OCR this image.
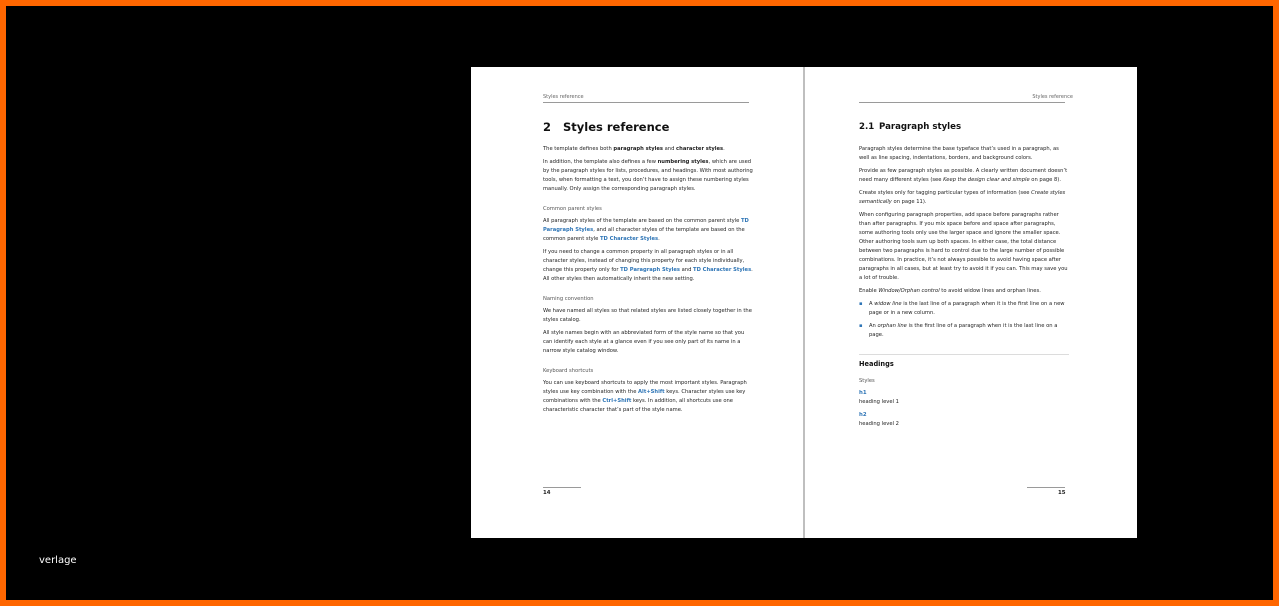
verlage
Styles reference
2 Styles reference
The template defines both paragraph styles and character styles.
In addition, the template also defines a few numbering styles, which are used by the paragraph styles for lists, procedures, and headings. With most authoring tools, when formatting a text, you don’t have to assign these numbering styles manually. Only assign the corresponding paragraph styles.
Common parent styles
All paragraph styles of the template are based on the common parent style TD Paragraph Styles, and all character styles of the template are based on the common parent style TD Character Styles.
If you need to change a common property in all paragraph styles or in all character styles, instead of changing this property for each style individually, change this property only for TD Paragraph Styles and TD Character Styles. All other styles then automatically inherit the new setting.
Naming convention
We have named all styles so that related styles are listed closely together in the styles catalog.
All style names begin with an abbreviated form of the style name so that you can identify each style at a glance even if you see only part of its name in a narrow style catalog window.
Keyboard shortcuts
You can use keyboard shortcuts to apply the most important styles. Paragraph styles use key combination with the Alt+Shift keys. Character styles use key combinations with the Ctrl+Shift keys. In addition, all shortcuts use one characteristic character that’s part of the style name.
14
Styles reference
2.1 Paragraph styles
Paragraph styles determine the base typeface that’s used in a paragraph, as well as line spacing, indentations, borders, and background colors.
Provide as few paragraph styles as possible. A clearly written document doesn’t need many different styles (see Keep the design clear and simple on page 8).
Create styles only for tagging particular types of information (see Create styles semantically on page 11).
When configuring paragraph properties, add space before paragraphs rather than after paragraphs. If you mix space before and space after paragraphs, some authoring tools only use the larger space and ignore the smaller space. Other authoring tools sum up both spaces. In either case, the total distance between two paragraphs is hard to control due to the large number of possible combinations. In practice, it’s not always possible to avoid having space after paragraphs in all cases, but at least try to avoid it if you can. This may save you a lot of trouble.
Enable Window/Orphan control to avoid widow lines and orphan lines.
▪ A widow line is the last line of a paragraph when it is the first line on a new page or in a new column.
▪ An orphan line is the first line of a paragraph when it is the last line on a page.
Headings
Styles
h1
heading level 1
h2
heading level 2
15
